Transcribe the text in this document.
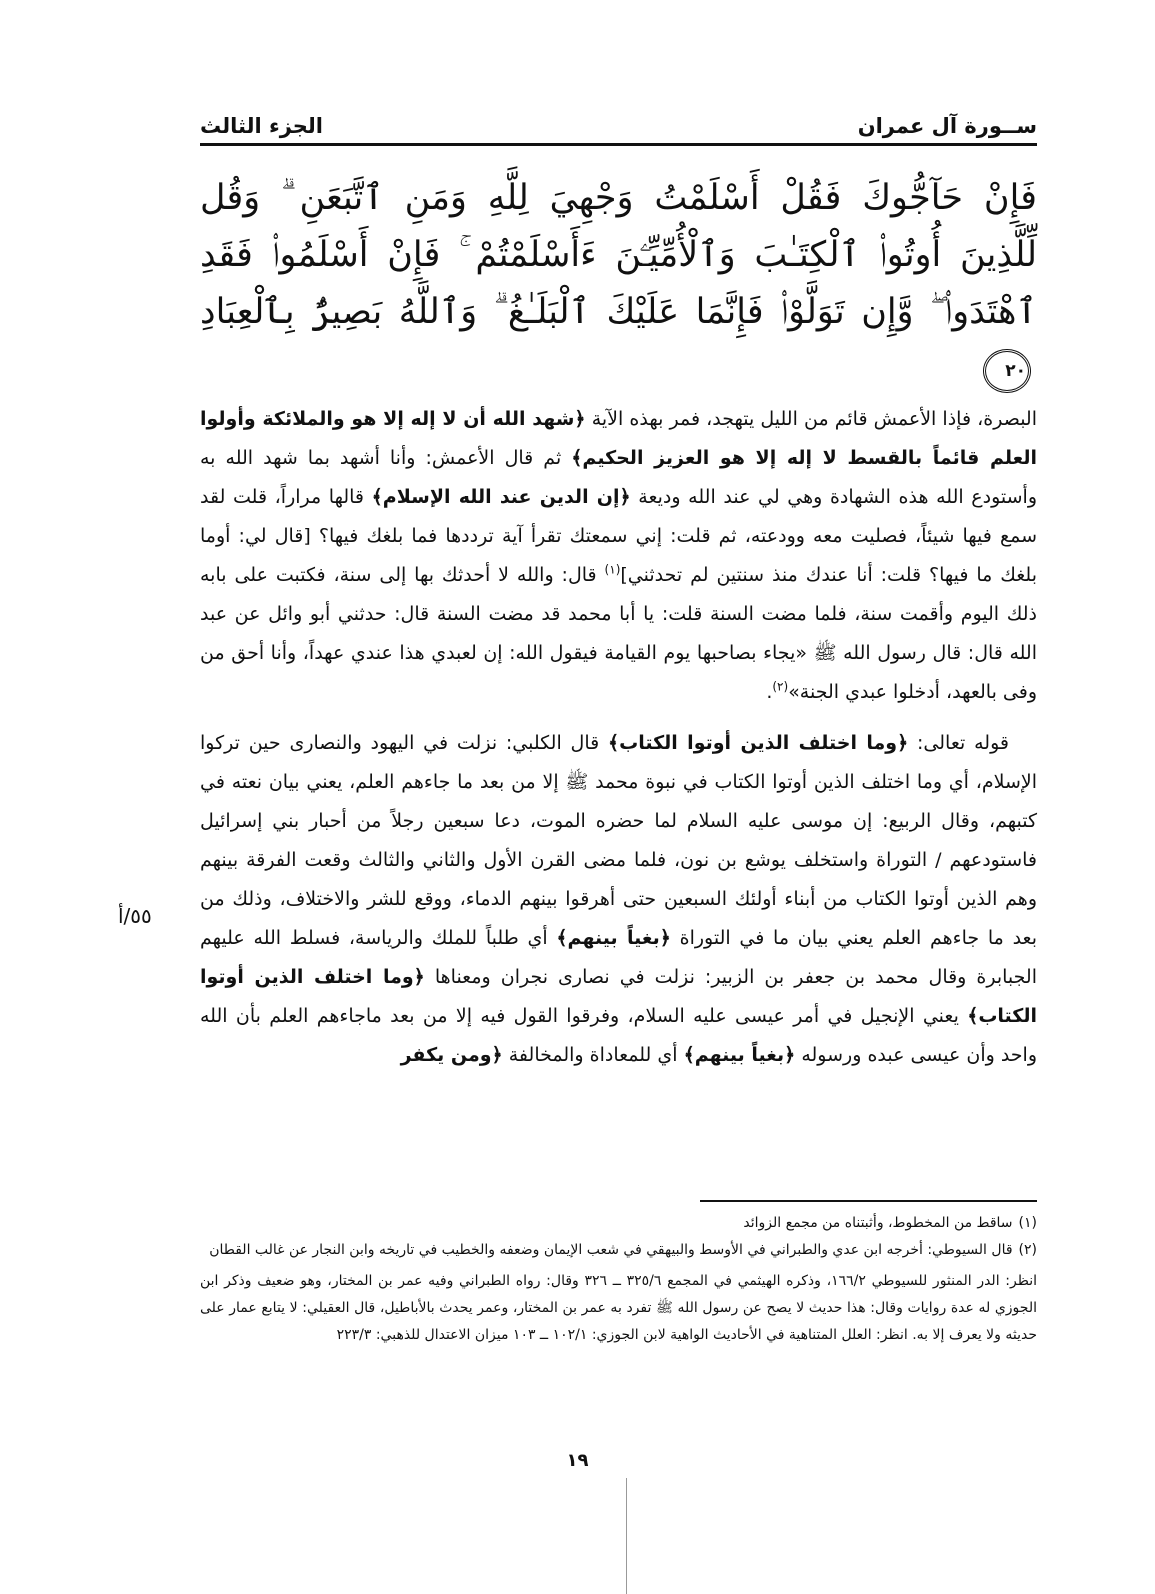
الجزء الثالث	ســورة آل عمران
فَإِنْ حَآجُّوكَ فَقُلْ أَسْلَمْتُ وَجْهِيَ لِلَّهِ وَمَنِ ٱتَّبَعَنِ ۗ وَقُل لِّلَّذِينَ أُوتُوا۟ ٱلْكِتَـٰبَ وَٱلْأُمِّيِّـۧنَ ءَأَسْلَمْتُمْ ۚ فَإِنْ أَسْلَمُوا۟ فَقَدِ ٱهْتَدَوا۟ ۖ وَّإِن تَوَلَّوْا۟ فَإِنَّمَا عَلَيْكَ ٱلْبَلَـٰغُ ۗ وَٱللَّهُ بَصِيرٌۢ بِٱلْعِبَادِ ٢٠

البصرة، فإذا الأعمش قائم من الليل يتهجد، فمر بهذه الآية ﴿شهد الله أن لا إله إلا هو والملائكة وأولوا العلم قائماً بالقسط لا إله إلا هو العزيز الحكيم﴾ ثم قال الأعمش: وأنا أشهد بما شهد الله به وأستودع الله هذه الشهادة وهي لي عند الله وديعة ﴿إن الدين عند الله الإسلام﴾ قالها مراراً، قلت لقد سمع فيها شيئاً، فصليت معه وودعته، ثم قلت: إني سمعتك تقرأ آية ترددها فما بلغك فيها؟ [قال لي: أوما بلغك ما فيها؟ قلت: أنا عندك منذ سنتين لم تحدثني]$^{(١)}$ قال: والله لا أحدثك بها إلى سنة، فكتبت على بابه ذلك اليوم وأقمت سنة، فلما مضت السنة قلت: يا أبا محمد قد مضت السنة قال: حدثني أبو وائل عن عبد الله قال: قال رسول الله ﷺ «يجاء بصاحبها يوم القيامة فيقول الله: إن لعبدي هذا عندي عهداً، وأنا أحق من وفى بالعهد، أدخلوا عبدي الجنة»$^{(٢)}$.

قوله تعالى: ﴿وما اختلف الذين أوتوا الكتاب﴾ قال الكلبي: نزلت في اليهود والنصارى حين تركوا الإسلام، أي وما اختلف الذين أوتوا الكتاب في نبوة محمد ﷺ إلا من بعد ما جاءهم العلم، يعني بيان نعته في كتبهم، وقال الربيع: إن موسى عليه السلام لما حضره الموت، دعا سبعين رجلاً من أحبار بني إسرائيل فاستودعهم / التوراة واستخلف يوشع بن نون، فلما مضى القرن الأول والثاني والثالث وقعت الفرقة بينهم وهم الذين أوتوا الكتاب من أبناء أولئك السبعين حتى أهرقوا بينهم الدماء، ووقع للشر والاختلاف، وذلك من بعد ما جاءهم العلم يعني بيان ما في التوراة ﴿بغياً بينهم﴾ أي طلباً للملك والرياسة، فسلط الله عليهم الجبابرة وقال محمد بن جعفر بن الزبير: نزلت في نصارى نجران ومعناها ﴿وما اختلف الذين أوتوا الكتاب﴾ يعني الإنجيل في أمر عيسى عليه السلام، وفرقوا القول فيه إلا من بعد ماجاءهم العلم بأن الله واحد وأن عيسى عبده ورسوله ﴿بغياً بينهم﴾ أي للمعاداة والمخالفة ﴿ومن يكفر

٥٥/أ

(١)ساقط من المخطوط، وأثبتناه من مجمع الزوائد

(٢)قال السيوطي: أخرجه ابن عدي والطبراني في الأوسط والبيهقي في شعب الإيمان وضعفه والخطيب في تاريخه وابن النجار عن غالب القطان

انظر: الدر المنثور للسيوطي ١٦٦/٢، وذكره الهيثمي في المجمع ٣٢٥/٦ ــ ٣٢٦ وقال: رواه الطبراني وفيه عمر بن المختار، وهو ضعيف وذكر ابن الجوزي له عدة روايات وقال: هذا حديث لا يصح عن رسول الله ﷺ تفرد به عمر بن المختار، وعمر يحدث بالأباطيل، قال العقيلي: لا يتابع عمار على حديثه ولا يعرف إلا به. انظر: العلل المتناهية في الأحاديث الواهية لابن الجوزي: ١٠٢/١ ــ ١٠٣ ميزان الاعتدال للذهبي: ٢٢٣/٣

١٩
